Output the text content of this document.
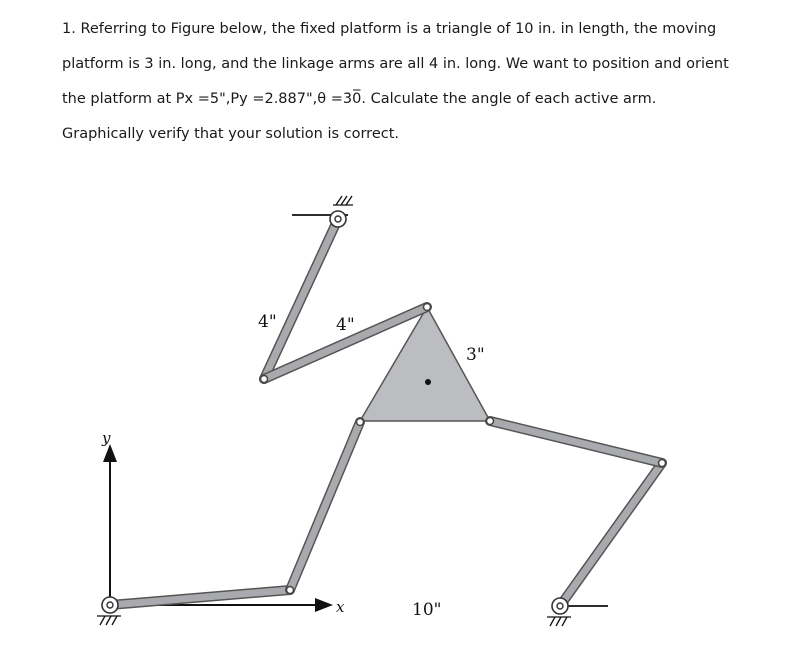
1. Referring to Figure below, the fixed platform is a triangle of 10 in. in length, the moving
platform is 3 in. long, and the linkage arms are all 4 in. long. We want to position and orient
the platform at Px =5",Py =2.887",θ =30̅. Calculate the angle of each active arm.
Graphically verify that your solution is correct.
y
x
4"	4"
3"
10"
